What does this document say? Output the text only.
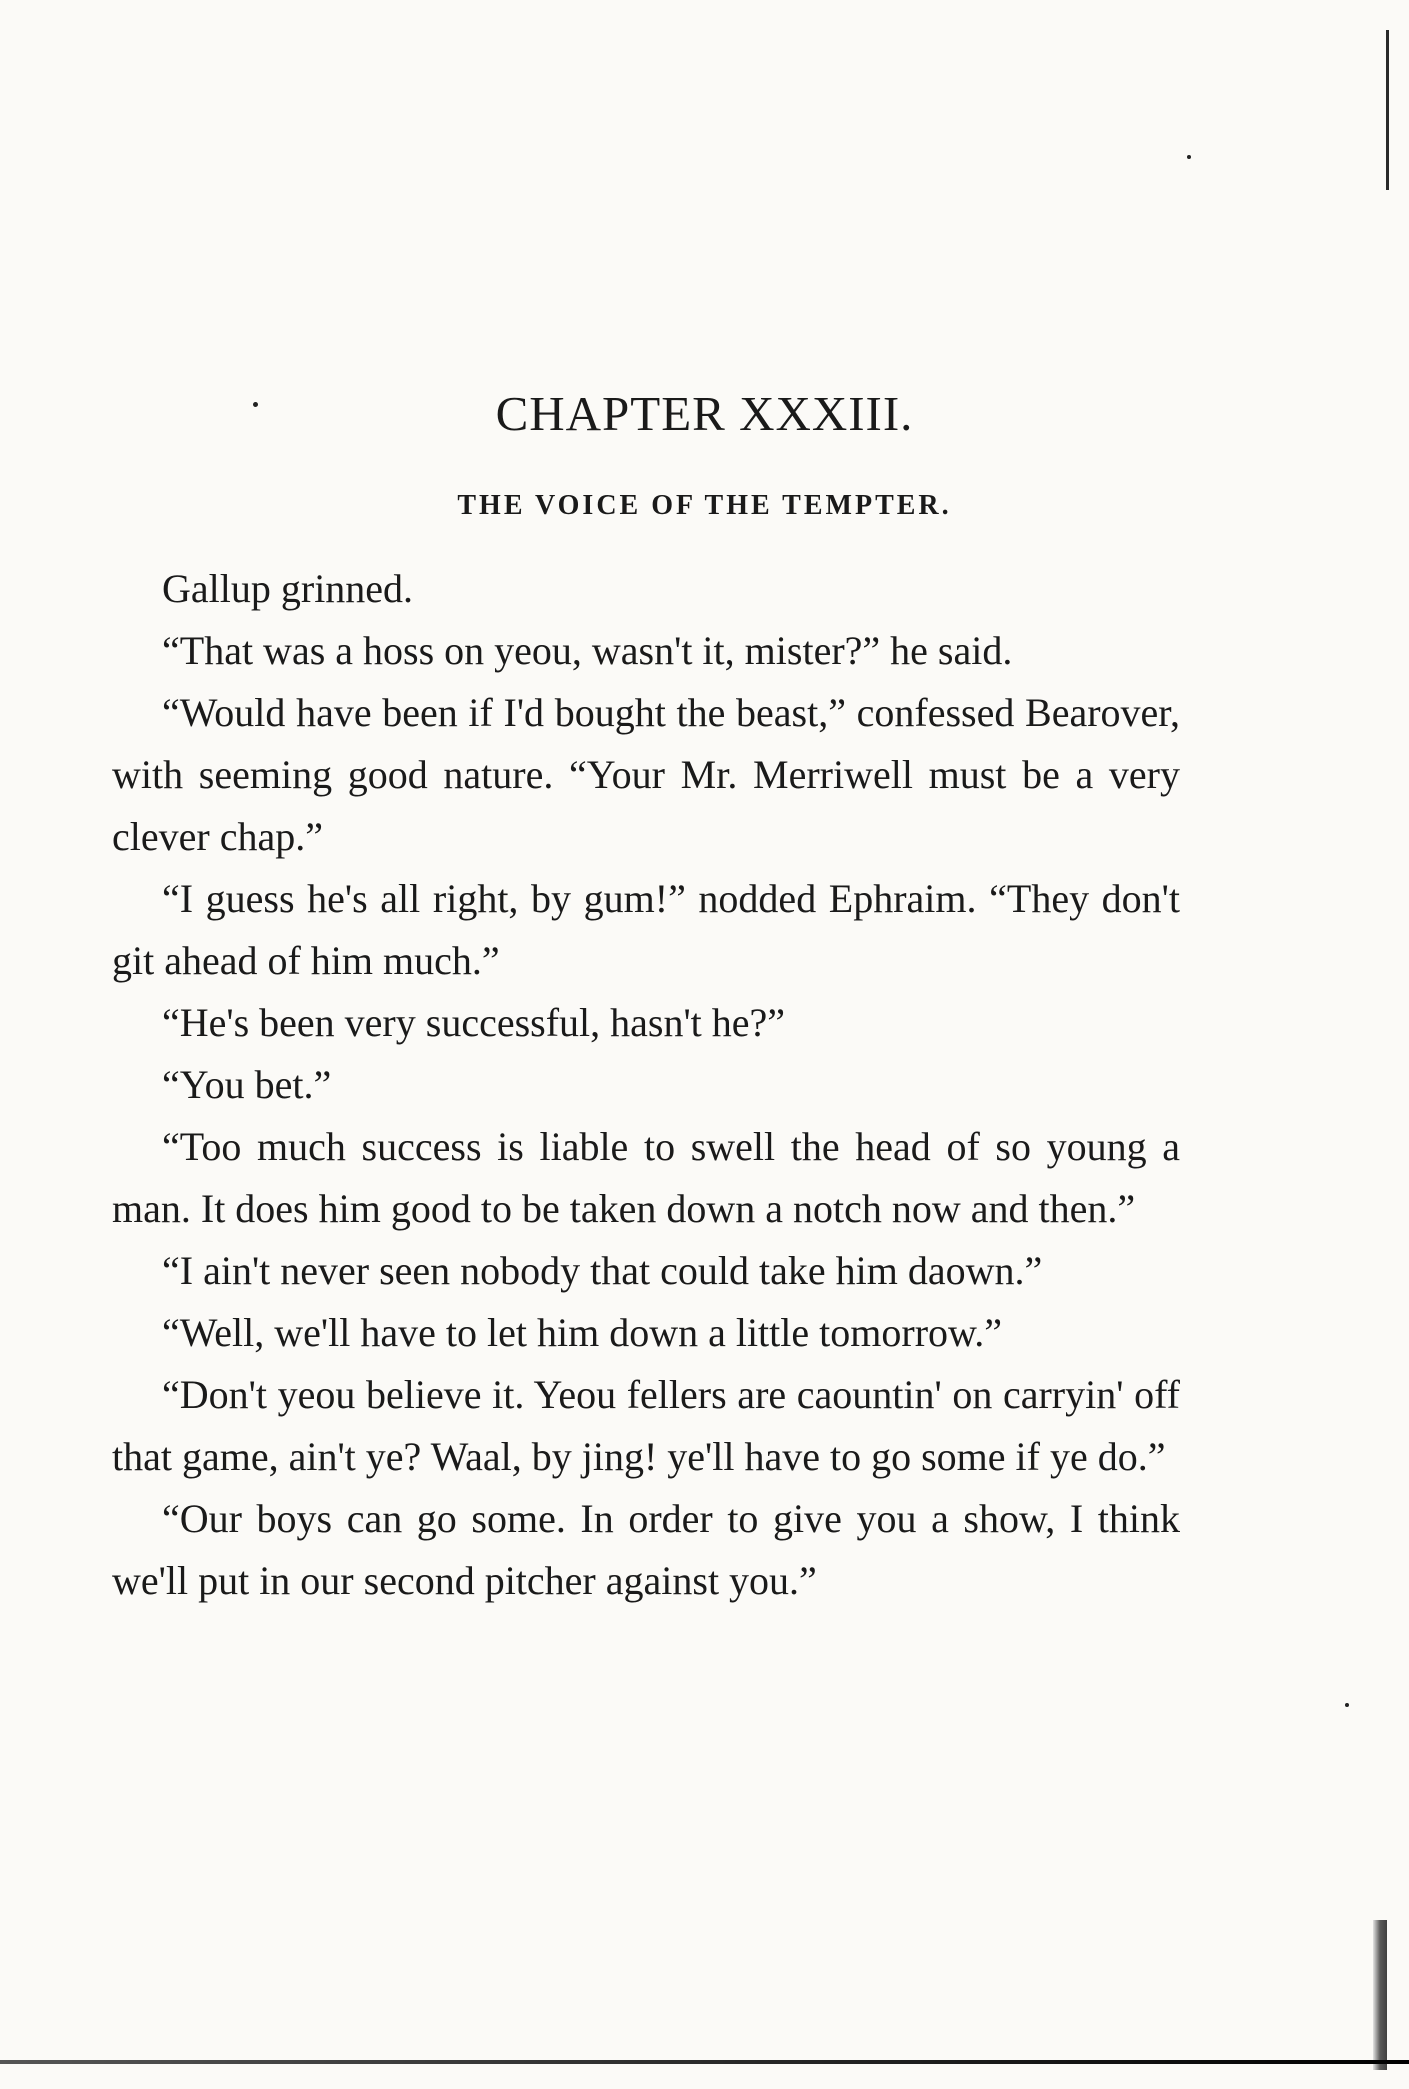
CHAPTER XXXIII.
THE VOICE OF THE TEMPTER.

Gallup grinned.

“That was a hoss on yeou, wasn't it, mister?” he said.

“Would have been if I'd bought the beast,” confessed Bearover, with seeming good nature. “Your Mr. Merriwell must be a very clever chap.”

“I guess he's all right, by gum!” nodded Ephraim. “They don't git ahead of him much.”

“He's been very successful, hasn't he?”

“You bet.”

“Too much success is liable to swell the head of so young a man. It does him good to be taken down a notch now and then.”

“I ain't never seen nobody that could take him daown.”

“Well, we'll have to let him down a little tomorrow.”

“Don't yeou believe it. Yeou fellers are caountin' on carryin' off that game, ain't ye? Waal, by jing! ye'll have to go some if ye do.”

“Our boys can go some. In order to give you a show, I think we'll put in our second pitcher against you.”
